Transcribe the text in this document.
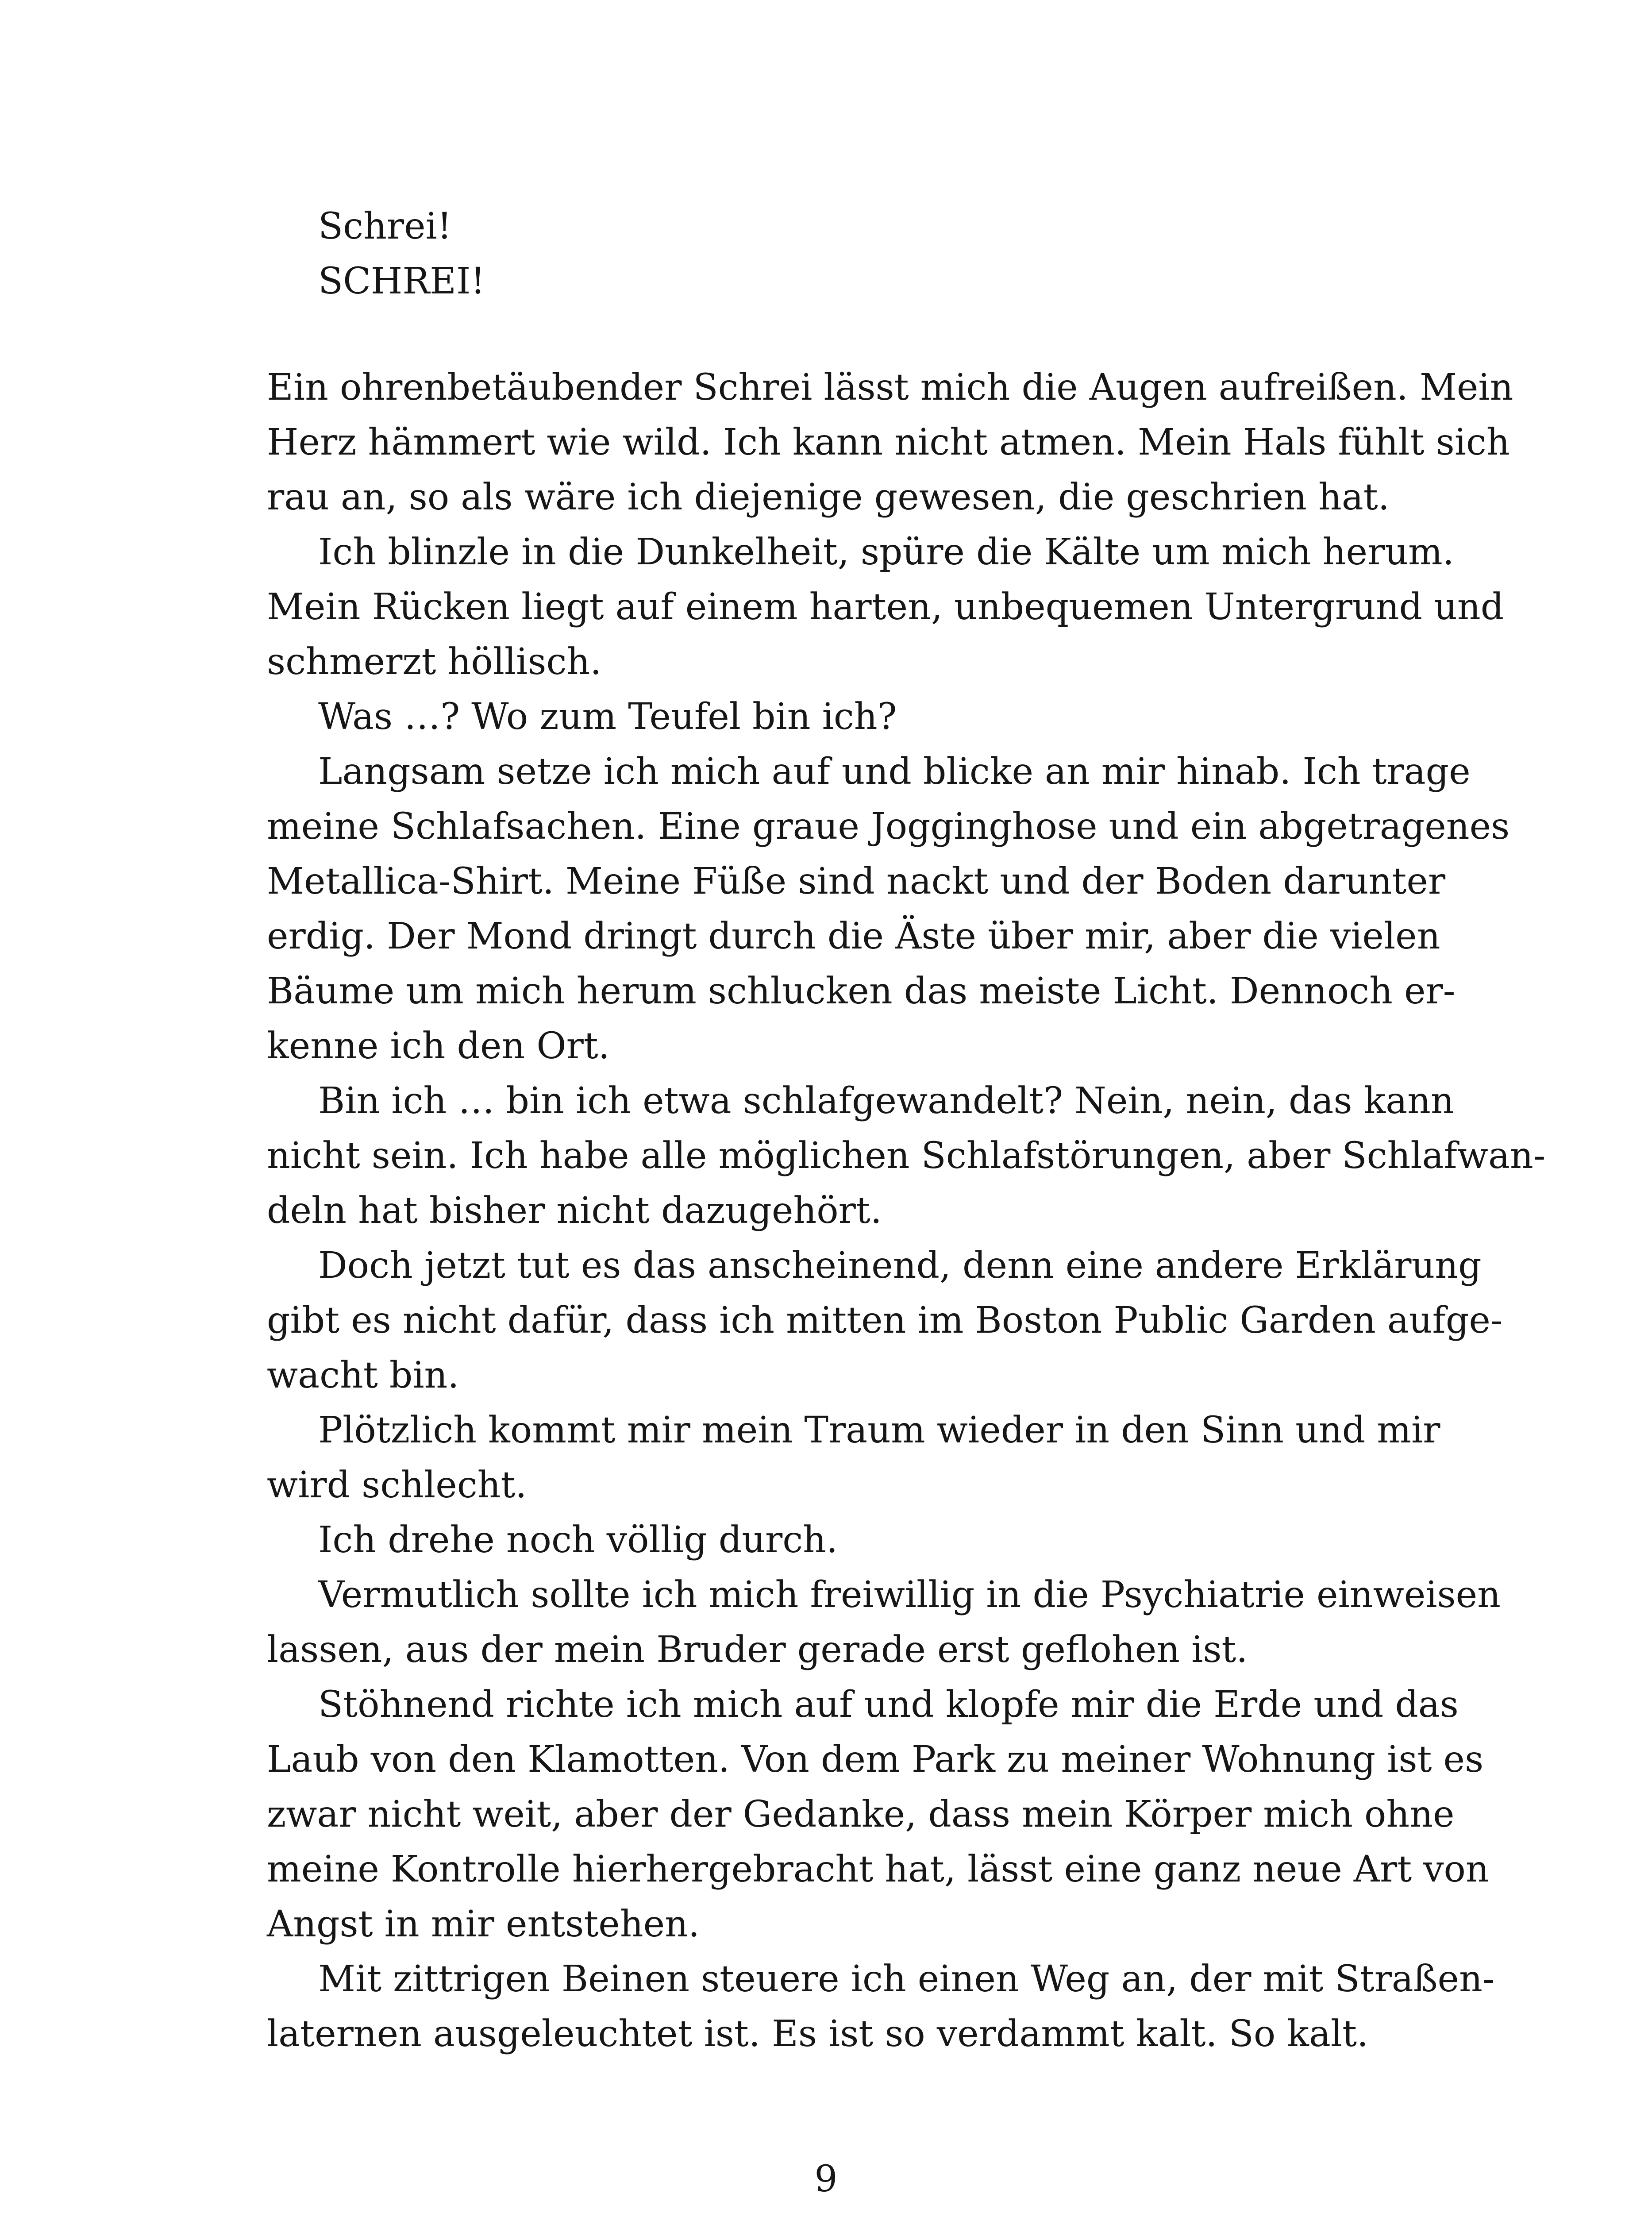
Schrei!
SCHREI!
Ein ohrenbetäubender Schrei lässt mich die Augen aufreißen. Mein
Herz hämmert wie wild. Ich kann nicht atmen. Mein Hals fühlt sich
rau an, so als wäre ich diejenige gewesen, die geschrien hat.
Ich blinzle in die Dunkelheit, spüre die Kälte um mich herum.
Mein Rücken liegt auf einem harten, unbequemen Untergrund und
schmerzt höllisch.
Was …? Wo zum Teufel bin ich?
Langsam setze ich mich auf und blicke an mir hinab. Ich trage
meine Schlafsachen. Eine graue Jogginghose und ein abgetragenes
Metallica-Shirt. Meine Füße sind nackt und der Boden darunter
erdig. Der Mond dringt durch die Äste über mir, aber die vielen
Bäume um mich herum schlucken das meiste Licht. Dennoch er-
kenne ich den Ort.
Bin ich … bin ich etwa schlafgewandelt? Nein, nein, das kann
nicht sein. Ich habe alle möglichen Schlafstörungen, aber Schlafwan-
deln hat bisher nicht dazugehört.
Doch jetzt tut es das anscheinend, denn eine andere Erklärung
gibt es nicht dafür, dass ich mitten im Boston Public Garden aufge-
wacht bin.
Plötzlich kommt mir mein Traum wieder in den Sinn und mir
wird schlecht.
Ich drehe noch völlig durch.
Vermutlich sollte ich mich freiwillig in die Psychiatrie einweisen
lassen, aus der mein Bruder gerade erst geflohen ist.
Stöhnend richte ich mich auf und klopfe mir die Erde und das
Laub von den Klamotten. Von dem Park zu meiner Wohnung ist es
zwar nicht weit, aber der Gedanke, dass mein Körper mich ohne
meine Kontrolle hierhergebracht hat, lässt eine ganz neue Art von
Angst in mir entstehen.
Mit zittrigen Beinen steuere ich einen Weg an, der mit Straßen-
laternen ausgeleuchtet ist. Es ist so verdammt kalt. So kalt.
9
